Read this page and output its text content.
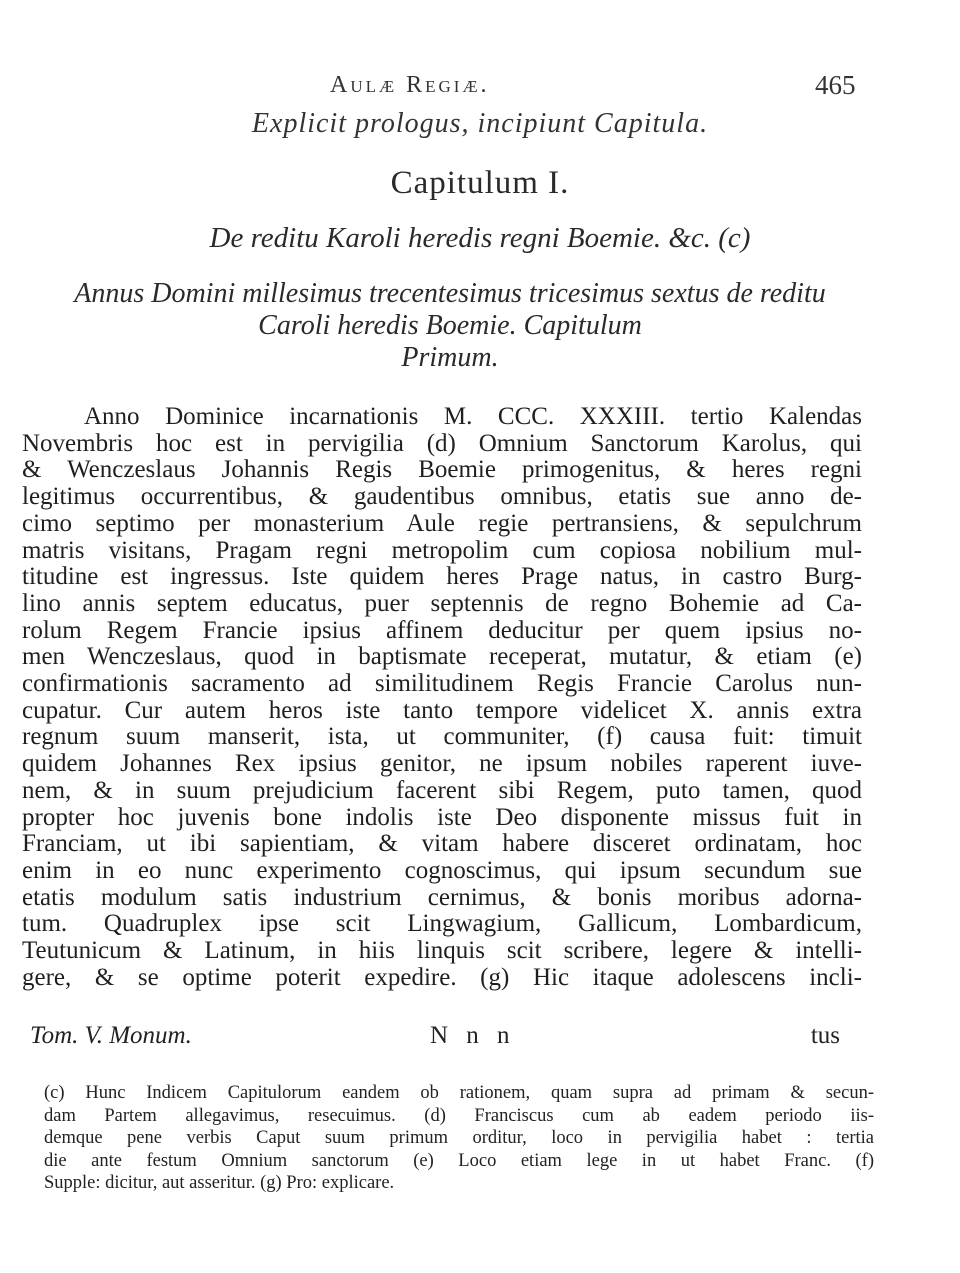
Aulæ Regiæ.	465
Explicit prologus, incipiunt Capitula.
Capitulum I.
De reditu Karoli heredis regni Boemie. &c. (c)
Annus Domini millesimus trecentesimus tricesimus sextus de reditu
Caroli heredis Boemie. Capitulum
Primum.
Anno Dominice incarnationis M. CCC. XXXIII. tertio Kalendas
Novembris hoc est in pervigilia (d) Omnium Sanctorum Karolus, qui
& Wenczeslaus Johannis Regis Boemie primogenitus, & heres regni
legitimus occurrentibus, & gaudentibus omnibus, etatis sue anno de-
cimo septimo per monasterium Aule regie pertransiens, & sepulchrum
matris visitans, Pragam regni metropolim cum copiosa nobilium mul-
titudine est ingressus. Iste quidem heres Prage natus, in castro Burg-
lino annis septem educatus, puer septennis de regno Bohemie ad Ca-
rolum Regem Francie ipsius affinem deducitur per quem ipsius no-
men Wenczeslaus, quod in baptismate receperat, mutatur, & etiam (e)
confirmationis sacramento ad similitudinem Regis Francie Carolus nun-
cupatur. Cur autem heros iste tanto tempore videlicet X. annis extra
regnum suum manserit, ista, ut communiter, (f) causa fuit: timuit
quidem Johannes Rex ipsius genitor, ne ipsum nobiles raperent iuve-
nem, & in suum prejudicium facerent sibi Regem, puto tamen, quod
propter hoc juvenis bone indolis iste Deo disponente missus fuit in
Franciam, ut ibi sapientiam, & vitam habere disceret ordinatam, hoc
enim in eo nunc experimento cognoscimus, qui ipsum secundum sue
etatis modulum satis industrium cernimus, & bonis moribus adorna-
tum. Quadruplex ipse scit Lingwagium, Gallicum, Lombardicum,
Teutunicum & Latinum, in hiis linquis scit scribere, legere & intelli-
gere, & se optime poterit expedire. (g) Hic itaque adolescens incli-
Tom. V. Monum.	N n n	tus
(c) Hunc Indicem Capitulorum eandem ob rationem, quam supra ad primam & secun-
dam Partem allegavimus, resecuimus. (d) Franciscus cum ab eadem periodo iis-
demque pene verbis Caput suum primum orditur, loco in pervigilia habet : tertia
die ante festum Omnium sanctorum (e) Loco etiam lege in ut habet Franc. (f)
Supple: dicitur, aut asseritur. (g) Pro: explicare.
